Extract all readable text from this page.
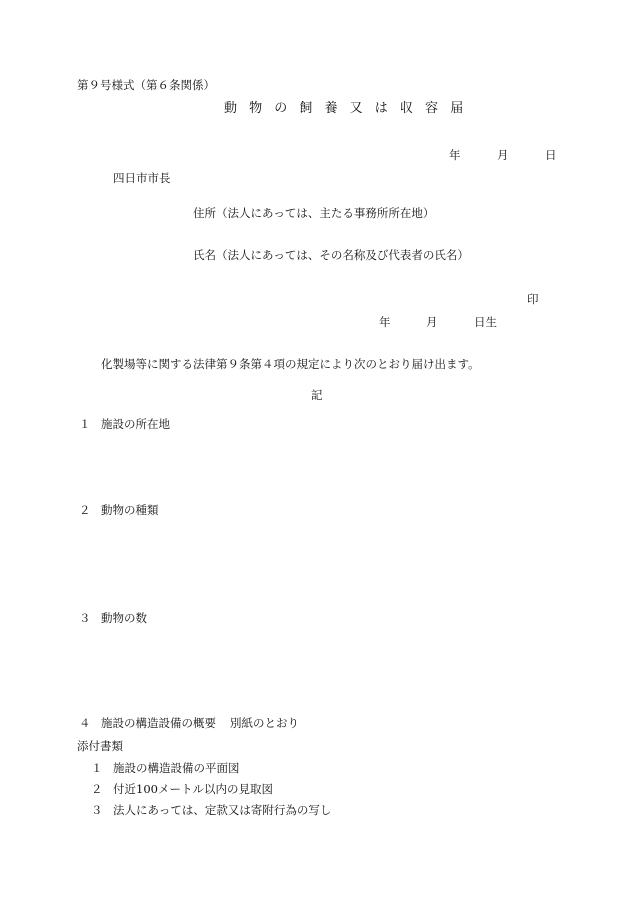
第９号様式（第６条関係）
動 物 の 飼 養 又 は 収 容 届
年	月	日
四日市市長
住所（法人にあっては、主たる事務所所在地）
氏名（法人にあっては、その名称及び代表者の氏名）
印
年	月	日生
化製場等に関する法律第９条第４項の規定により次のとおり届け出ます。
記
１ 施設の所在地
２ 動物の種類
３ 動物の数
４ 施設の構造設備の概要 別紙のとおり
添付書類
１ 施設の構造設備の平面図
２ 付近100メートル以内の見取図
３ 法人にあっては、定款又は寄附行為の写し
